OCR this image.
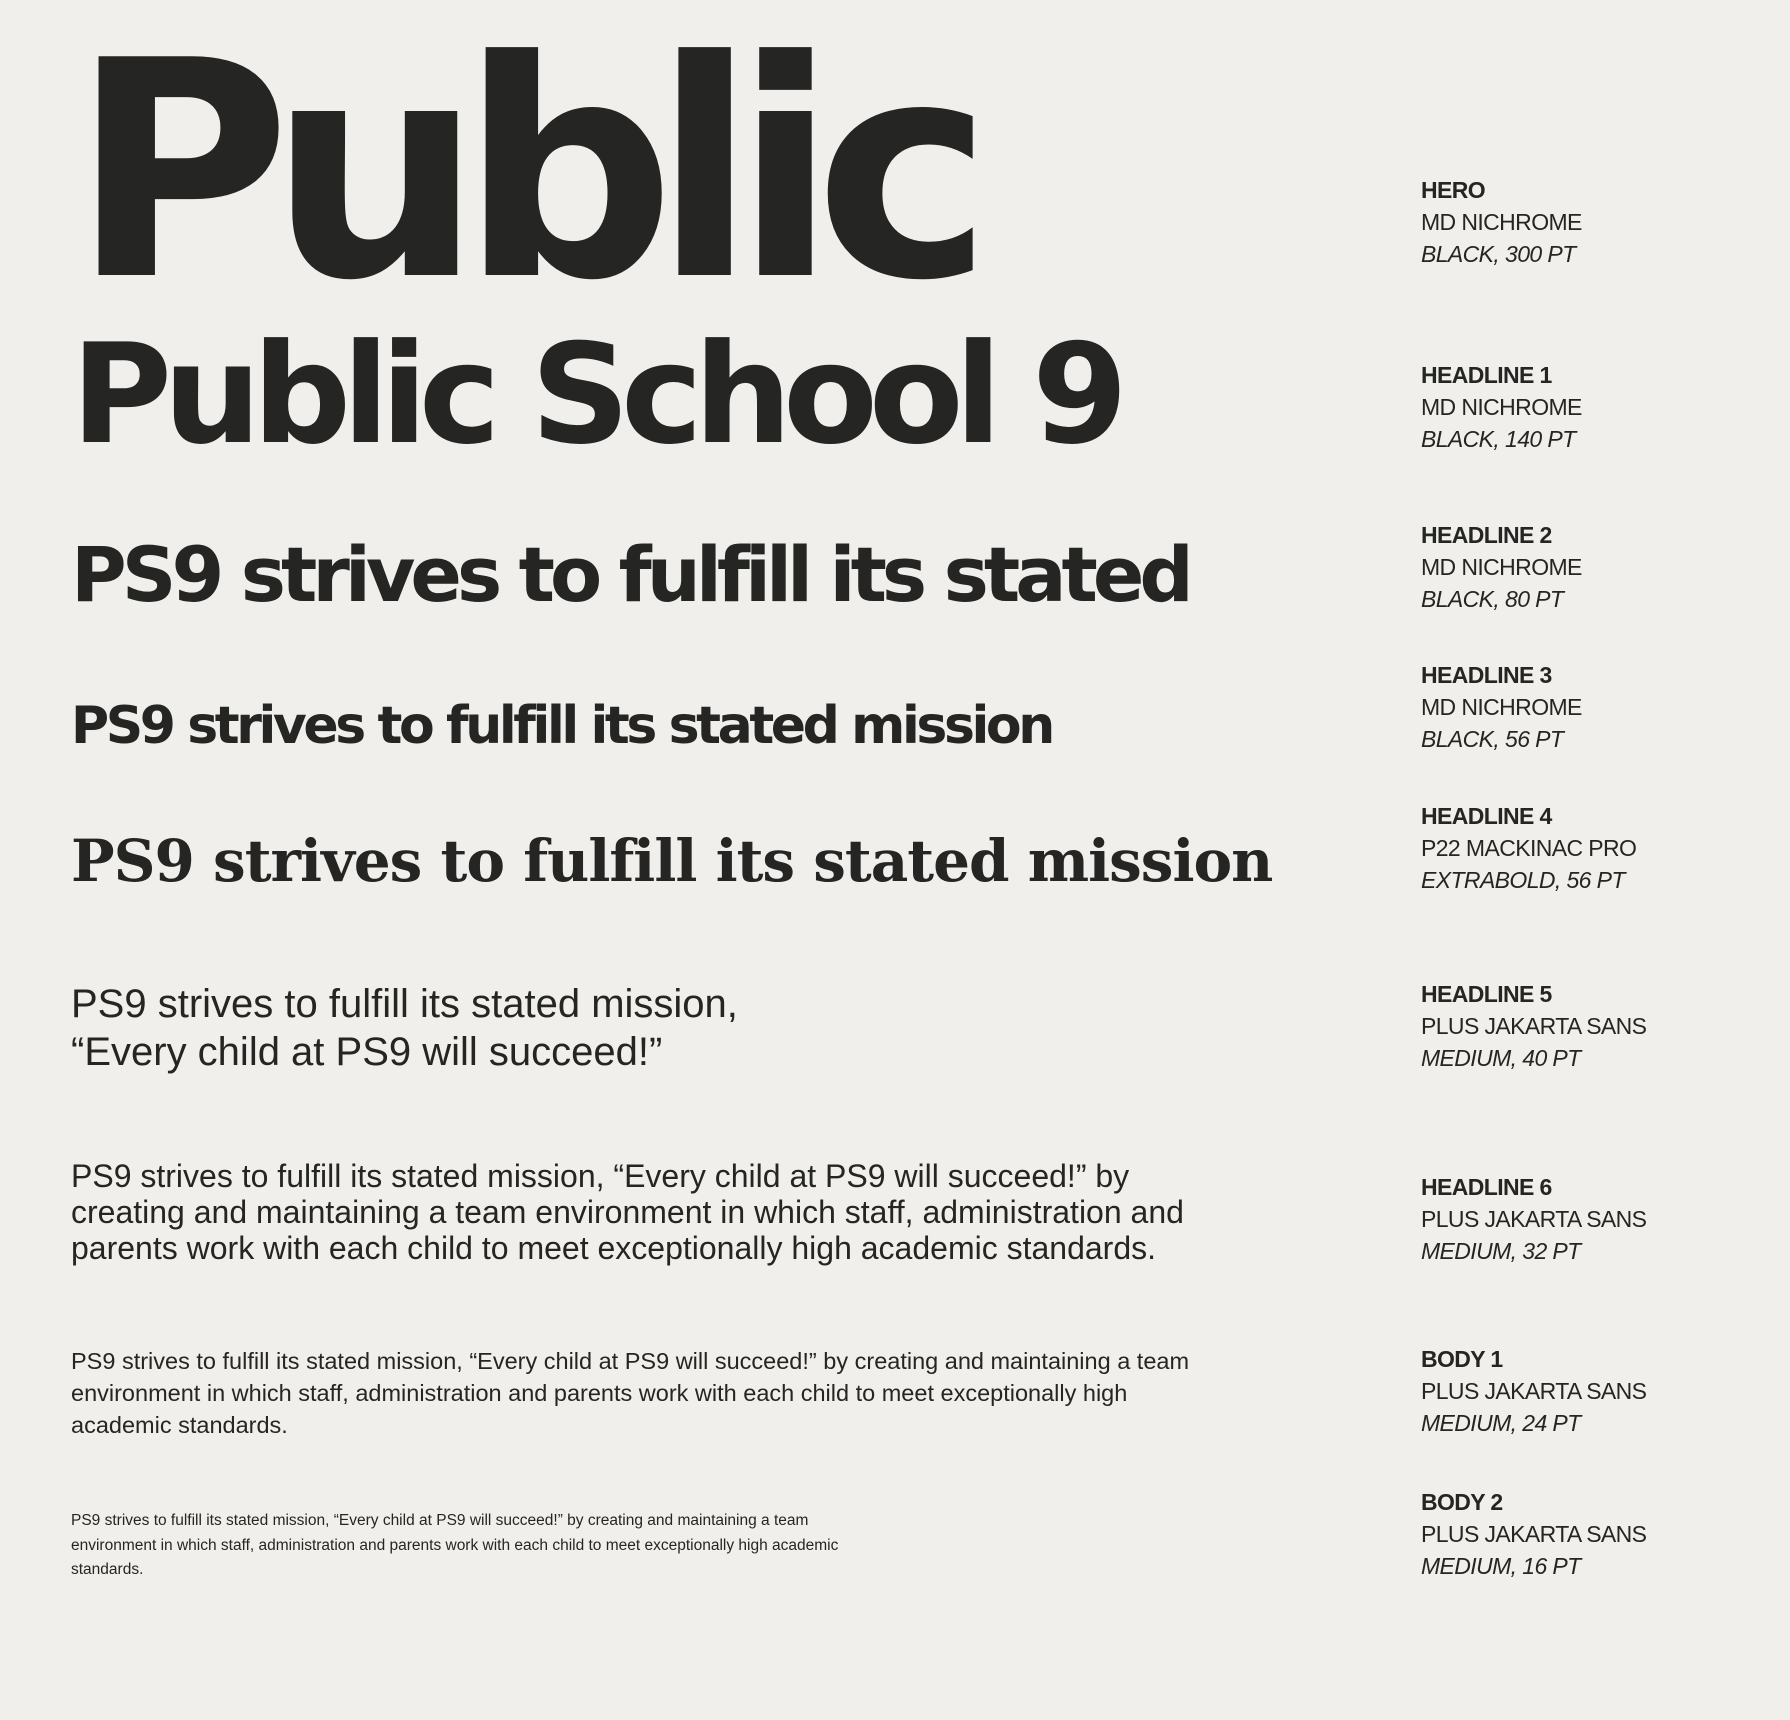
Public
Public School 9
PS9 strives to fulfill its stated
PS9 strives to fulfill its stated mission
PS9 strives to fulfill its stated mission
PS9 strives to fulfill its stated mission,
“Every child at PS9 will succeed!”

PS9 strives to fulfill its stated mission, “Every child at PS9 will succeed!” by creating and maintaining a team environment in which staff, administration and parents work with each child to meet exceptionally high academic standards.

PS9 strives to fulfill its stated mission, “Every child at PS9 will succeed!” by creating and maintaining a team environment in which staff, administration and parents work with each child to meet exceptionally high academic standards.

PS9 strives to fulfill its stated mission, “Every child at PS9 will succeed!” by creating and maintaining a team environment in which staff, administration and parents work with each child to meet exceptionally high academic standards.

HERO
MD NICHROME
BLACK, 300 PT
HEADLINE 1
MD NICHROME
BLACK, 140 PT
HEADLINE 2
MD NICHROME
BLACK, 80 PT
HEADLINE 3
MD NICHROME
BLACK, 56 PT
HEADLINE 4
P22 MACKINAC PRO
EXTRABOLD, 56 PT
HEADLINE 5
PLUS JAKARTA SANS
MEDIUM, 40 PT
HEADLINE 6
PLUS JAKARTA SANS
MEDIUM, 32 PT
BODY 1
PLUS JAKARTA SANS
MEDIUM, 24 PT
BODY 2
PLUS JAKARTA SANS
MEDIUM, 16 PT
